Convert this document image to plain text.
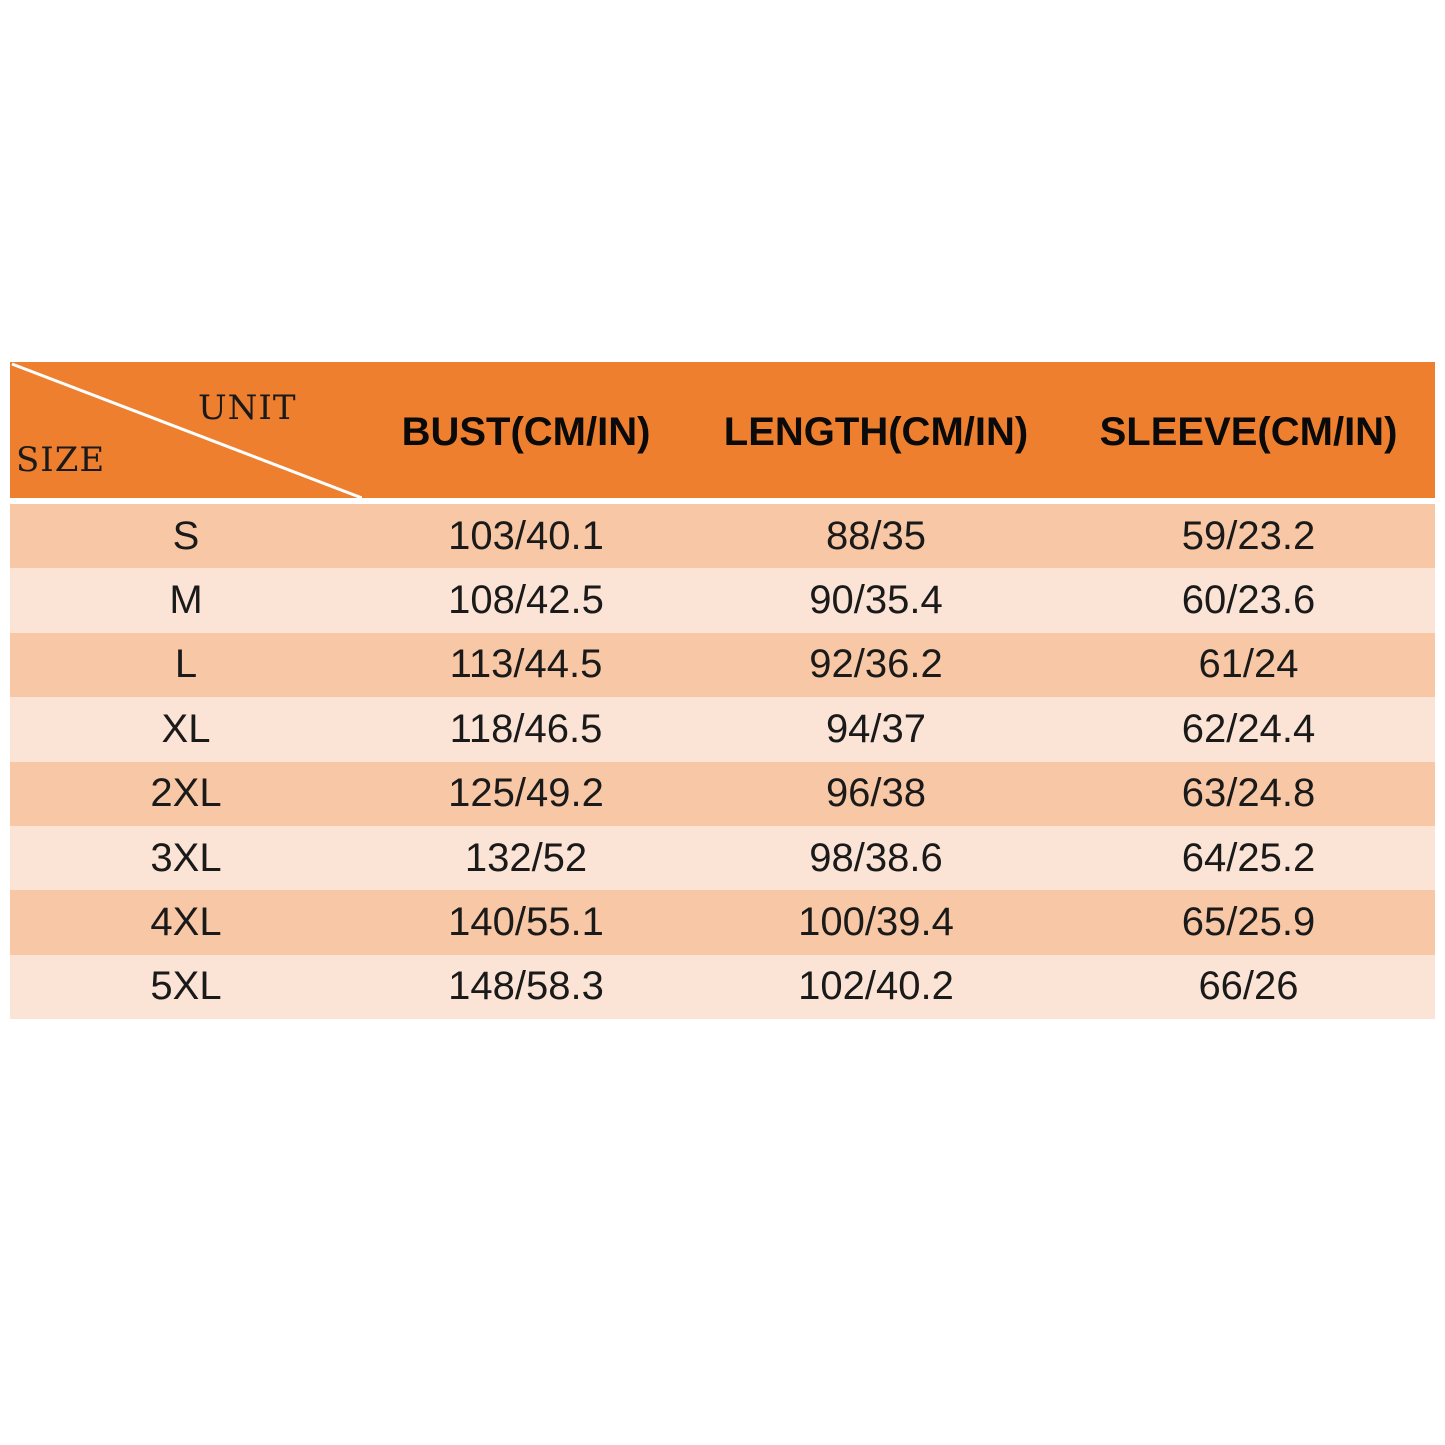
UNIT
SIZE
BUST(CM/IN)	LENGTH(CM/IN)	SLEEVE(CM/IN)
S	103/40.1	88/35	59/23.2
M	108/42.5	90/35.4	60/23.6
L	113/44.5	92/36.2	61/24
XL	118/46.5	94/37	62/24.4
2XL	125/49.2	96/38	63/24.8
3XL	132/52	98/38.6	64/25.2
4XL	140/55.1	100/39.4	65/25.9
5XL	148/58.3	102/40.2	66/26
